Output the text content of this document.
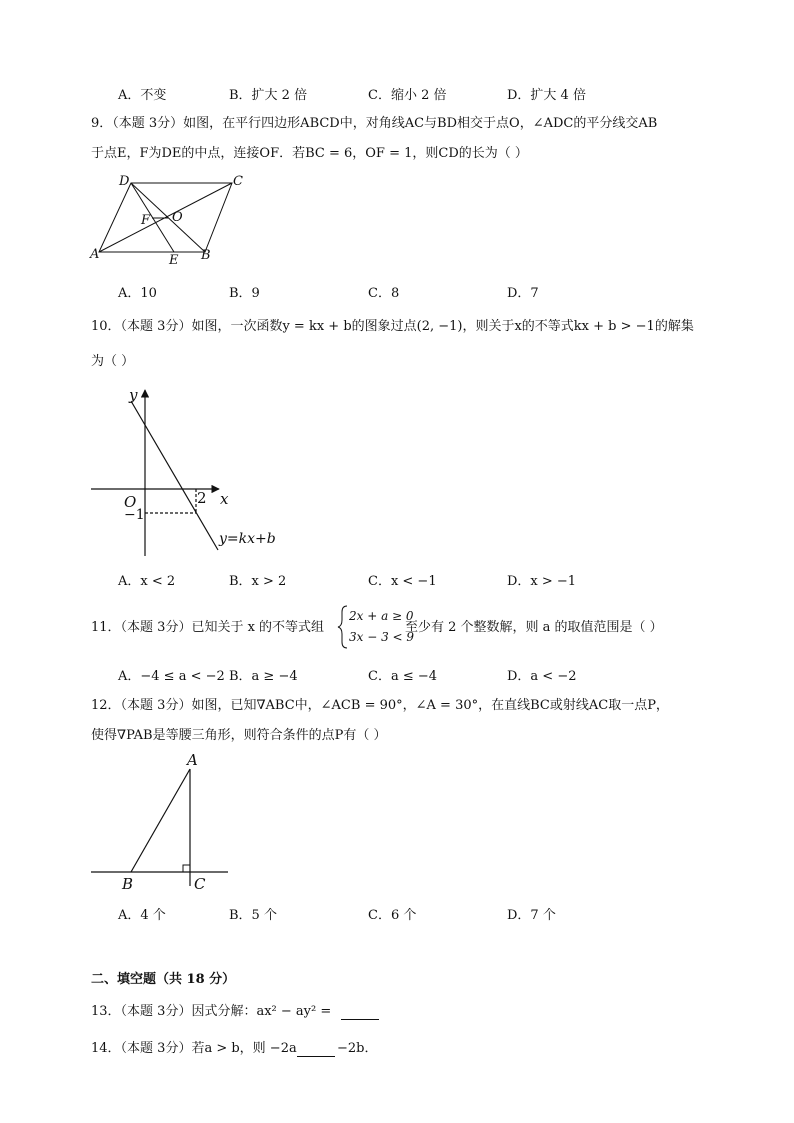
A．不变	B．扩大 2 倍	C．缩小 2 倍	D．扩大 4 倍
9．（本题 3分）如图，在平行四边形ABCD中，对角线AC与BD相交于点O，∠ADC的平分线交AB
于点E，F为DE的中点，连接OF．若BC = 6，OF = 1，则CD的长为（ ）
D	C
F O
A	E B
A．10	B．9	C．8	D．7
10．（本题 3分）如图，一次函数y = kx + b的图象过点(2, −1)，则关于x的不等式kx + b > −1的解集
为（ ）
y
x
O	2
−1
y=kx+b
A．x < 2	B．x > 2	C．x < −1	D．x > −1
11．（本题 3分）已知关于 x 的不等式组
2x + a ≥ 0
3x − 3 < 9
至少有 2 个整数解，则 a 的取值范围是（ ）
A．−4 ≤ a < −2 B．a ≥ −4	C．a ≤ −4	D．a < −2
12．（本题 3分）如图，已知∇ABC中，∠ACB = 90°，∠A = 30°，在直线BC或射线AC取一点P，
使得∇PAB是等腰三角形，则符合条件的点P有（ ）
A
B	C
A．4 个	B．5 个	C．6 个	D．7 个
二、填空题（共 18 分）
13．（本题 3分）因式分解：ax² − ay² =
14．（本题 3分）若a > b，则 −2a	−2b．
